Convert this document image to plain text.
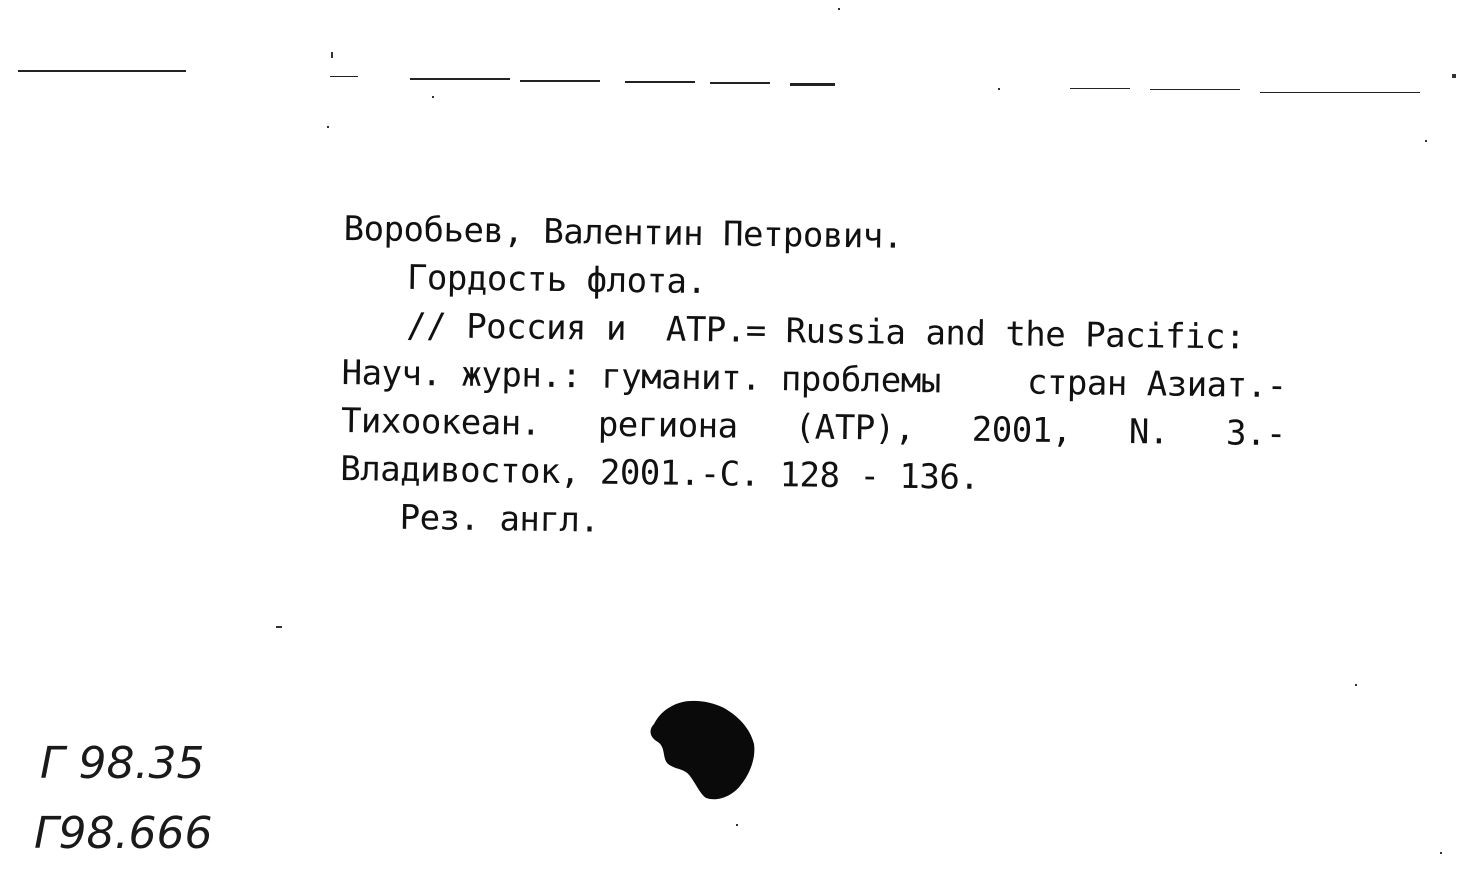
Воробьев, Валентин Петрович.
Гордость флота.
// Россия и  АТР.= Russia and the Pacific:
Науч. журн.: гуманит. проблемы	стран Азиат.-
Тихоокеан. региона (АТР), 2001, N. 3.-
Владивосток, 2001.-С. 128 - 136.
Рез. англ.
Г 98.35
Г98.666
